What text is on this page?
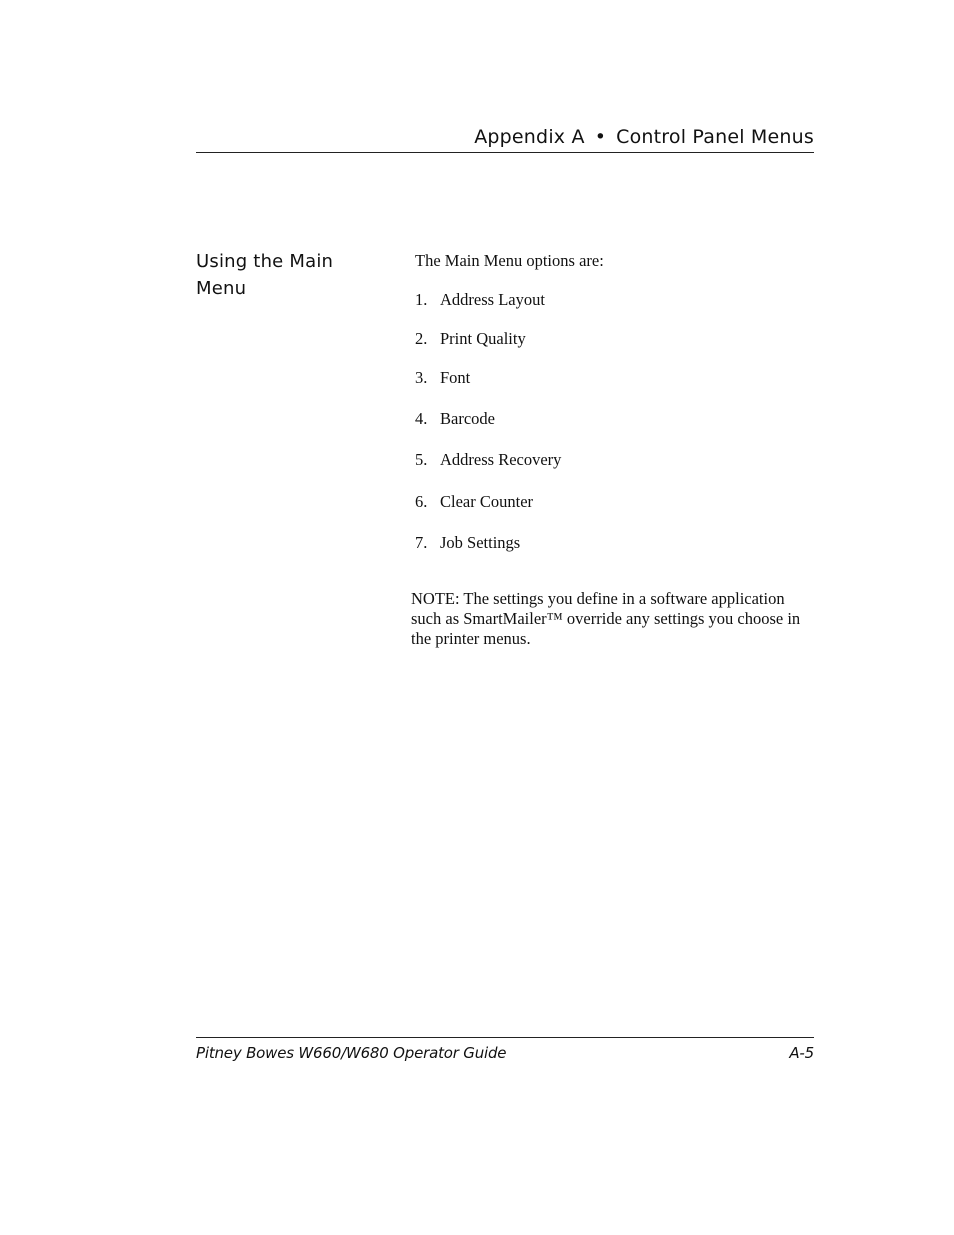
Appendix A • Control Panel Menus
Using the Main
Menu
The Main Menu options are:
1. Address Layout
2. Print Quality
3. Font
4. Barcode
5. Address Recovery
6. Clear Counter
7. Job Settings
NOTE: The settings you define in a software application such as SmartMailer™ override any settings you choose in the printer menus.
Pitney Bowes W660/W680 Operator Guide	A-5
